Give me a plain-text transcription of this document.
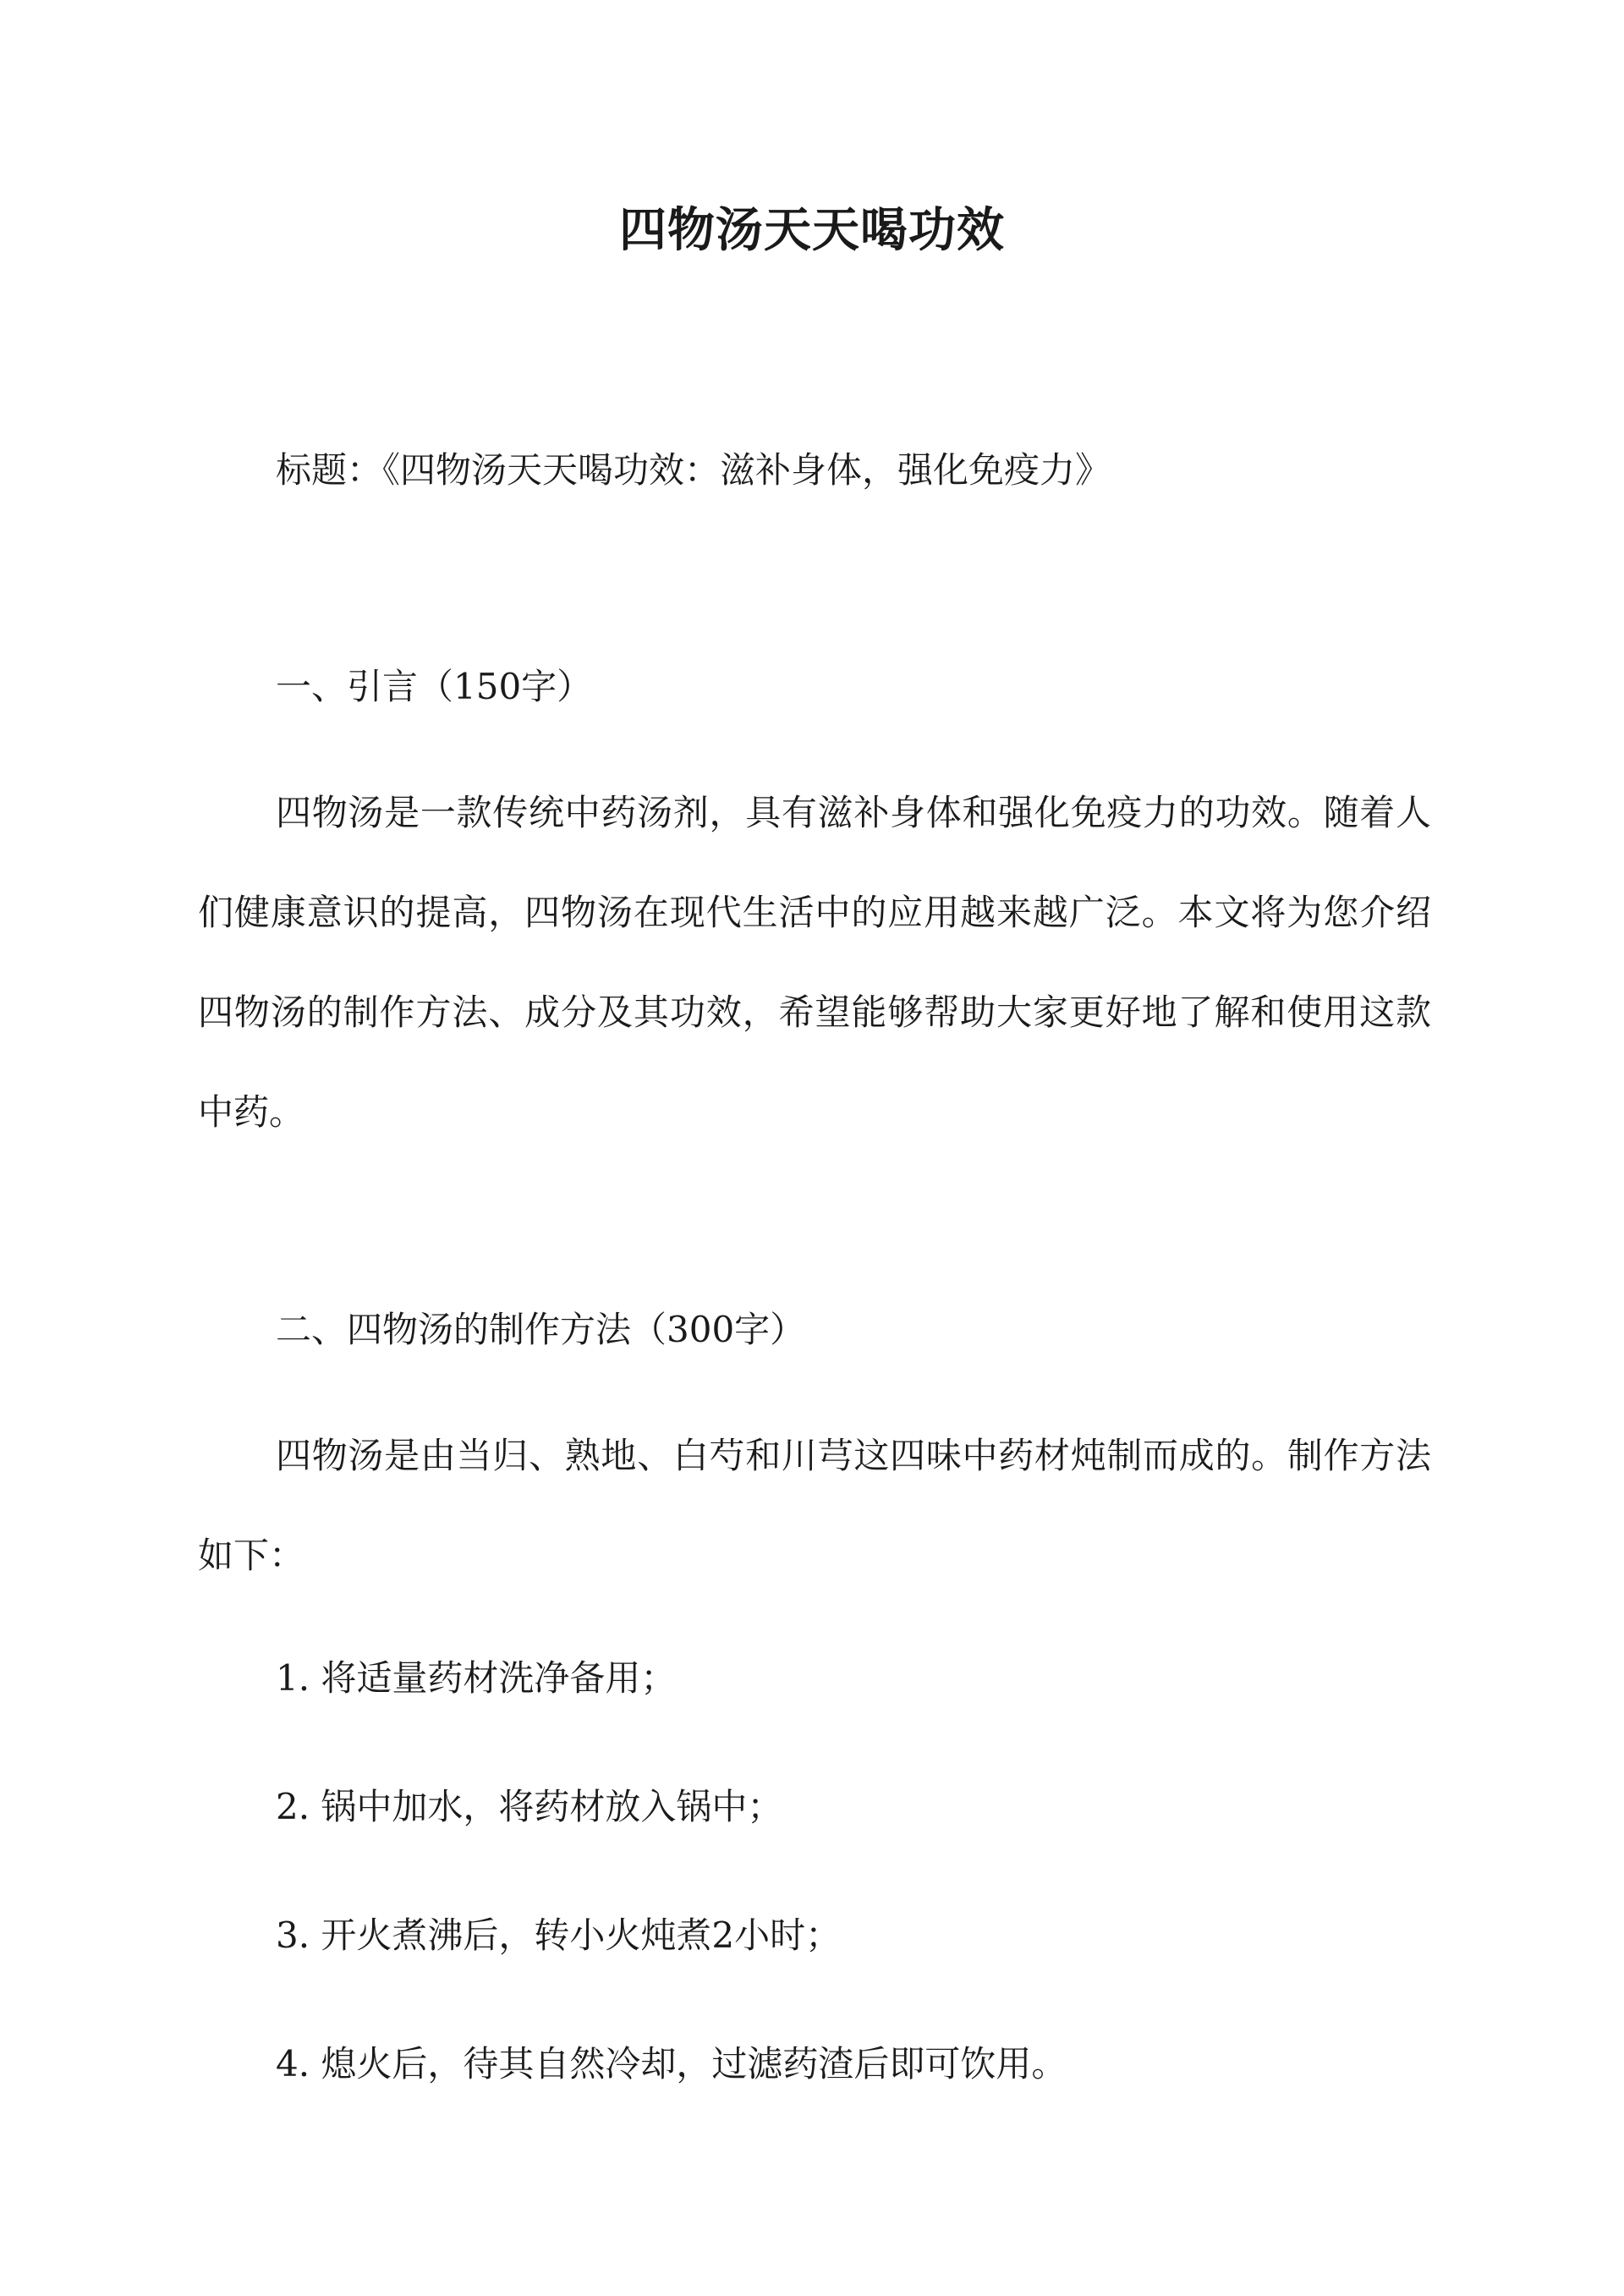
四物汤天天喝功效
标题：《四物汤天天喝功效：滋补身体，强化免疫力》
一、引言（150字）

四物汤是一款传统中药汤剂，具有滋补身体和强化免疫力的功效。随着人们健康意识的提高，四物汤在现代生活中的应用越来越广泛。本文将为您介绍四物汤的制作方法、成分及其功效，希望能够帮助大家更好地了解和使用这款中药。

二、四物汤的制作方法（300字）

四物汤是由当归、熟地、白芍和川芎这四味中药材炖制而成的。制作方法如下：

1. 将适量药材洗净备用；
2. 锅中加水，将药材放入锅中；
3. 开火煮沸后，转小火炖煮2小时；
4. 熄火后，待其自然冷却，过滤药渣后即可饮用。
